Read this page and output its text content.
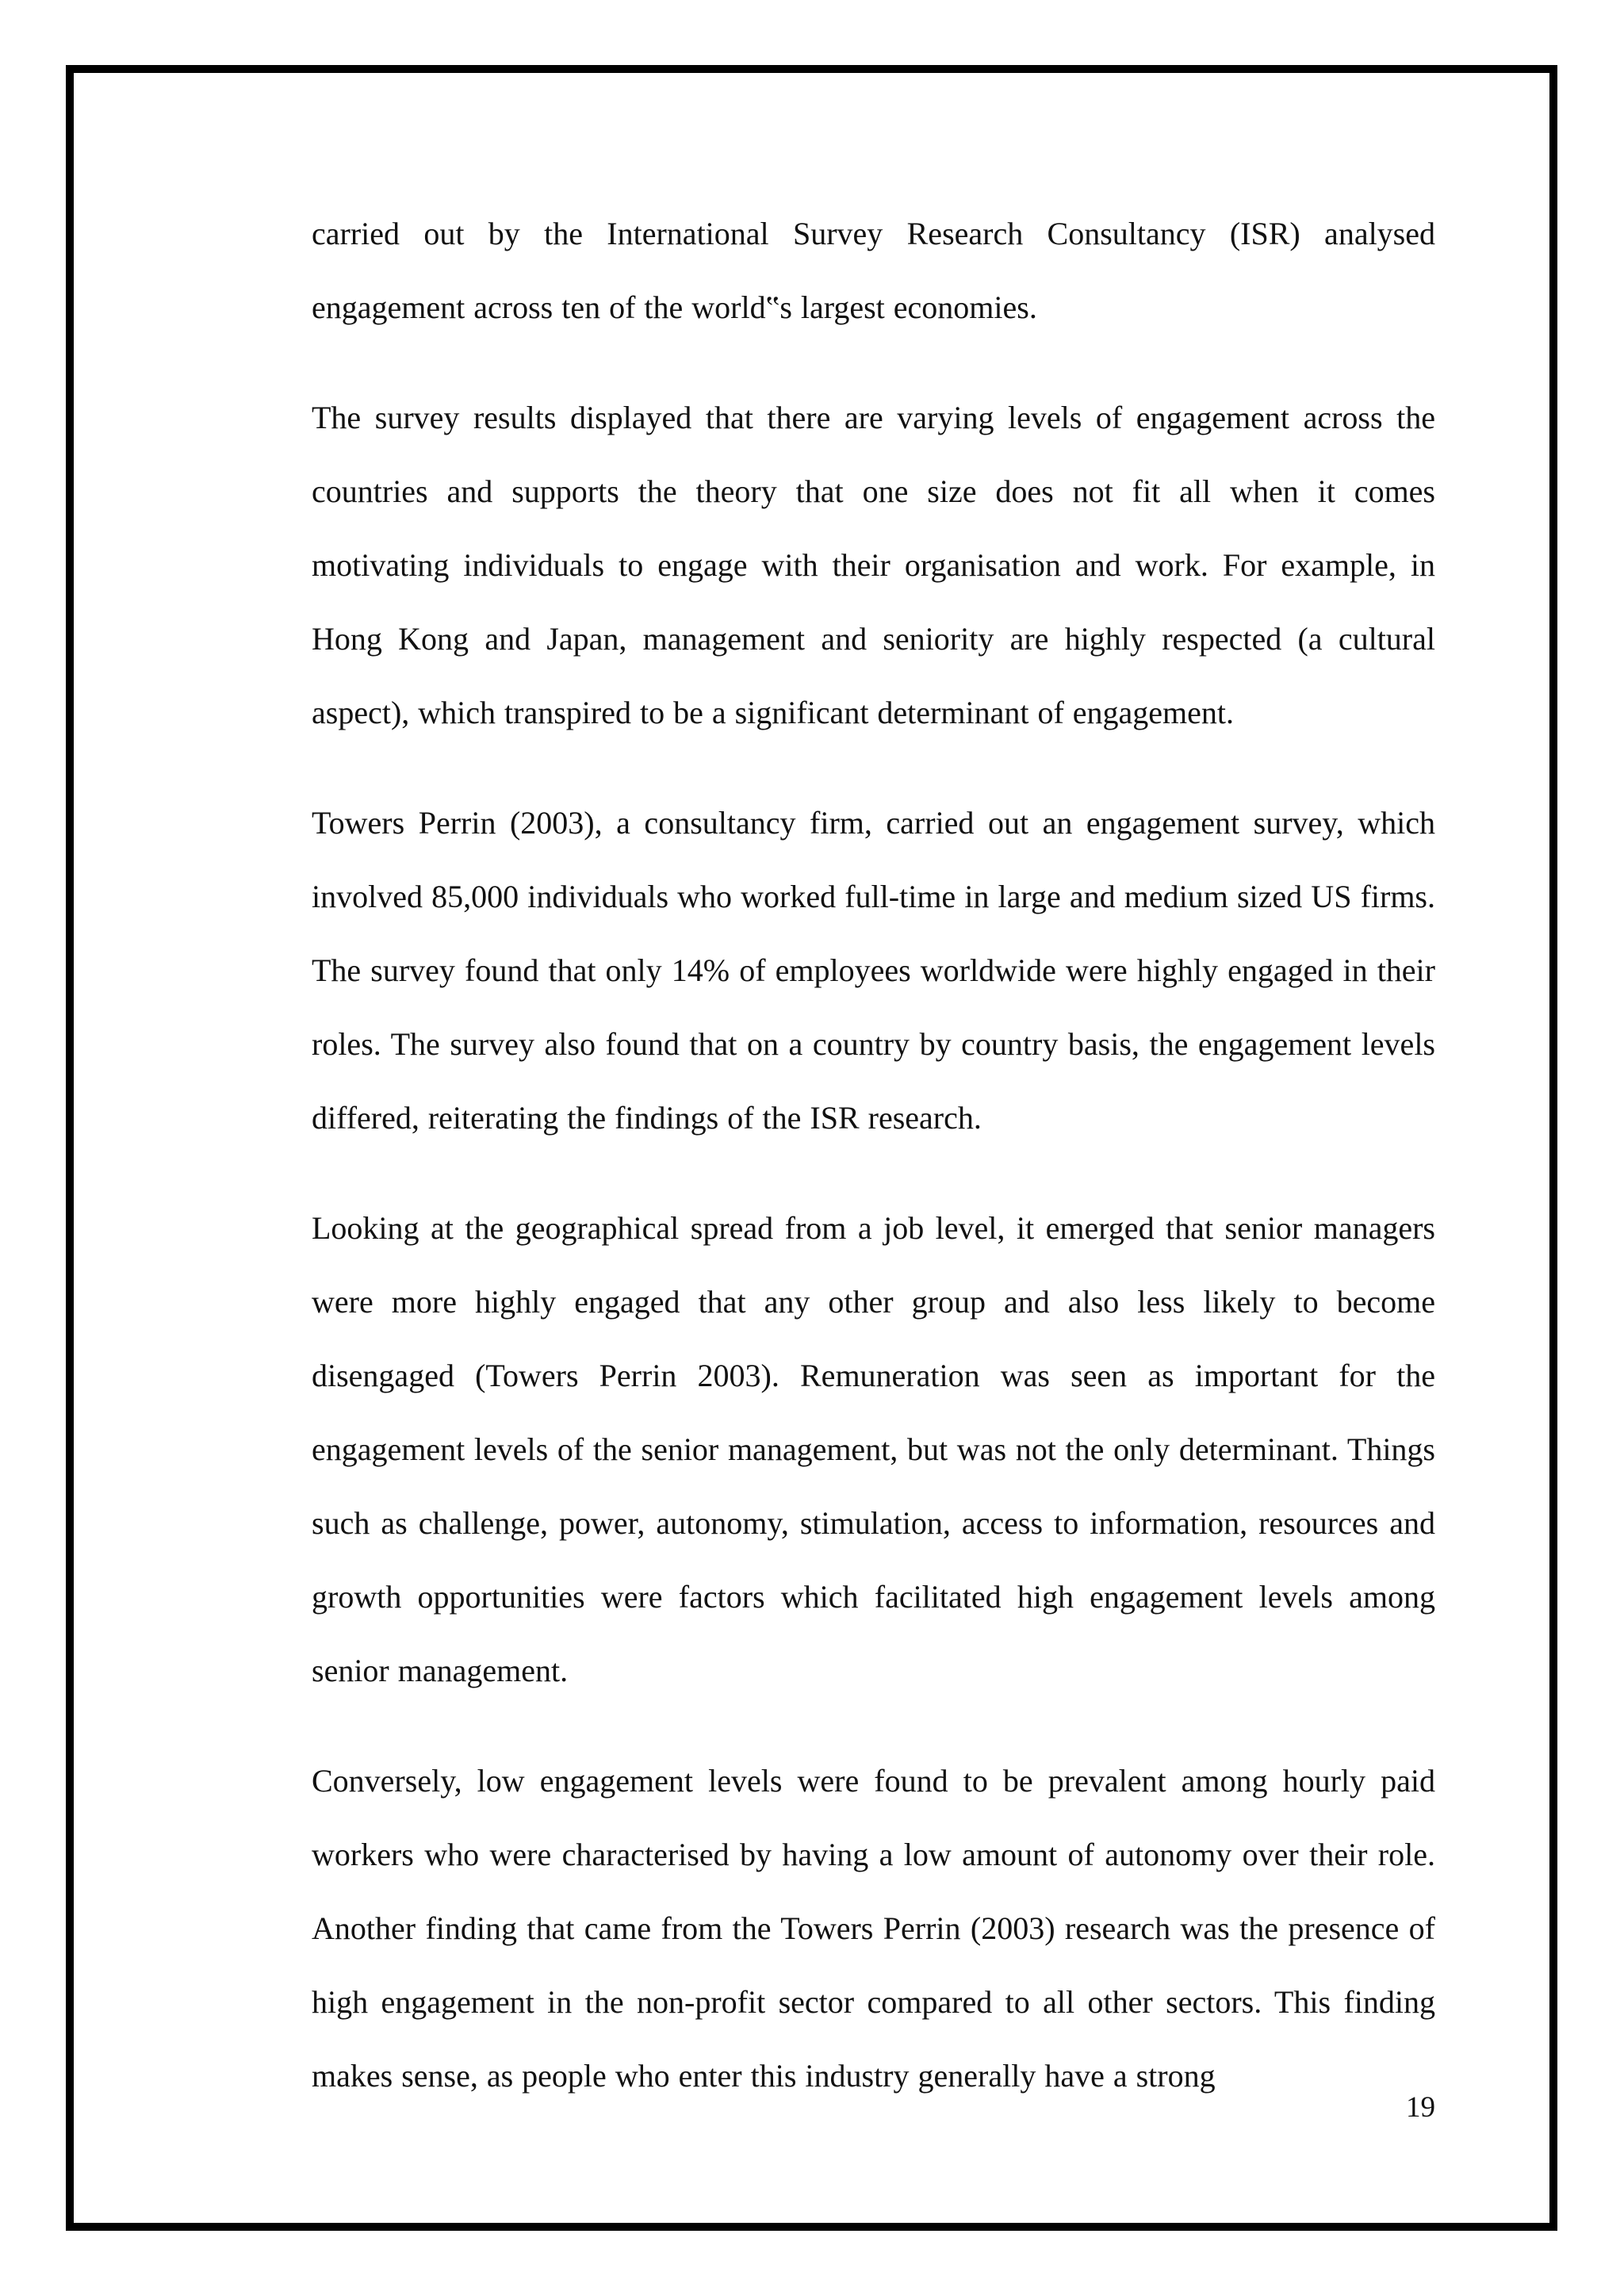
carried out by the International Survey Research Consultancy (ISR) analysed engagement across ten of the world‟s largest economies.

The survey results displayed that there are varying levels of engagement across the countries and supports the theory that one size does not fit all when it comes motivating individuals to engage with their organisation and work. For example, in Hong Kong and Japan, management and seniority are highly respected (a cultural aspect), which transpired to be a significant determinant of engagement.

Towers Perrin (2003), a consultancy firm, carried out an engagement survey, which involved 85,000 individuals who worked full-time in large and medium sized US firms. The survey found that only 14% of employees worldwide were highly engaged in their roles. The survey also found that on a country by country basis, the engagement levels differed, reiterating the findings of the ISR research.

Looking at the geographical spread from a job level, it emerged that senior managers were more highly engaged that any other group and also less likely to become disengaged (Towers Perrin 2003). Remuneration was seen as important for the engagement levels of the senior management, but was not the only determinant. Things such as challenge, power, autonomy, stimulation, access to information, resources and growth opportunities were factors which facilitated high engagement levels among senior management.

Conversely, low engagement levels were found to be prevalent among hourly paid workers who were characterised by having a low amount of autonomy over their role. Another finding that came from the Towers Perrin (2003) research was the presence of high engagement in the non-profit sector compared to all other sectors. This finding makes sense, as people who enter this industry generally have a strong

19
